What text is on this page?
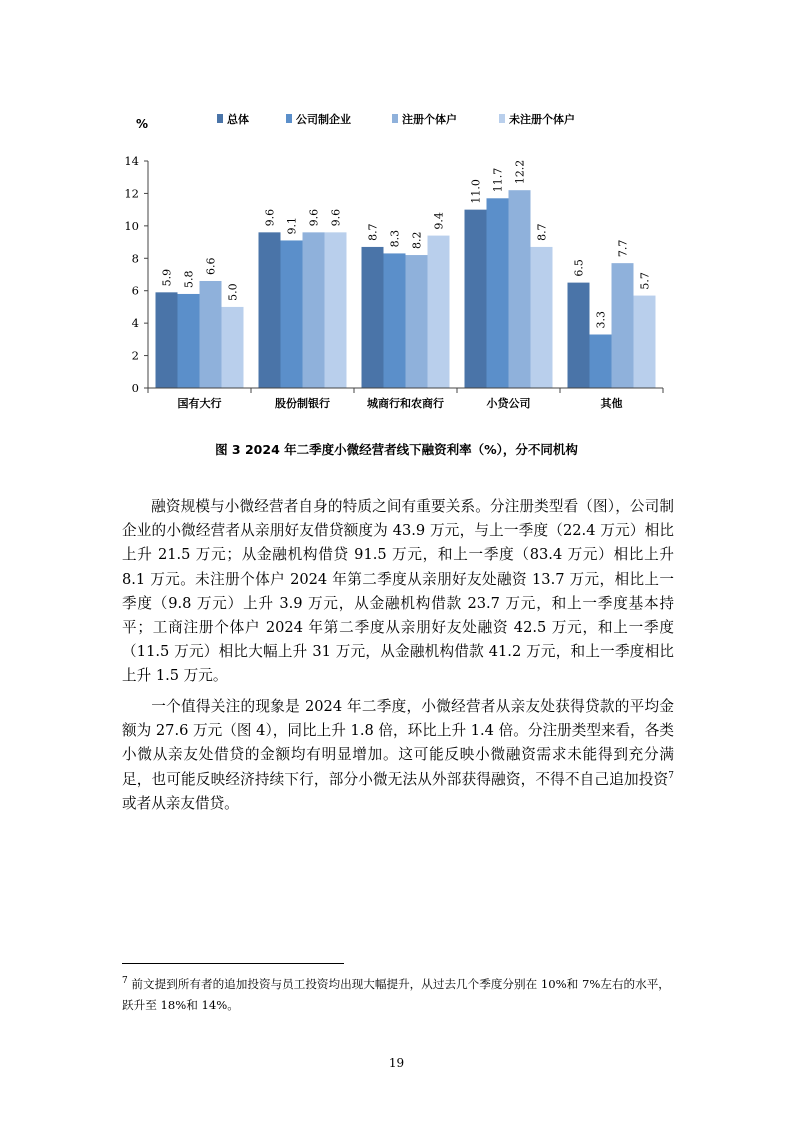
总体	公司制企业	注册个体户	未注册个体户
%
0
2
4
6
8
10
12
14
5.9
9.6
8.7
11.0
6.5
5.8
9.1
8.3
11.7
3.3
6.6
9.6
8.2
12.2
7.7
5.0
9.6	9.4
8.7
5.7
国有大行	股份制银行	城商行和农商行	小贷公司	其他
图 3 2024 年二季度小微经营者线下融资利率（%），分不同机构

融资规模与小微经营者自身的特质之间有重要关系。分注册类型看（图），公司制企业的小微经营者从亲朋好友借贷额度为 43.9 万元，与上一季度（22.4 万元）相比上升 21.5 万元；从金融机构借贷 91.5 万元，和上一季度（83.4 万元）相比上升 8.1 万元。未注册个体户 2024 年第二季度从亲朋好友处融资 13.7 万元，相比上一季度（9.8 万元）上升 3.9 万元，从金融机构借款 23.7 万元，和上一季度基本持平；工商注册个体户 2024 年第二季度从亲朋好友处融资 42.5 万元，和上一季度（11.5 万元）相比大幅上升 31 万元，从金融机构借款 41.2 万元，和上一季度相比上升 1.5 万元。

一个值得关注的现象是 2024 年二季度，小微经营者从亲友处获得贷款的平均金额为 27.6 万元（图 4），同比上升 1.8 倍，环比上升 1.4 倍。分注册类型来看，各类小微从亲友处借贷的金额均有明显增加。这可能反映小微融资需求未能得到充分满足，也可能反映经济持续下行，部分小微无法从外部获得融资，不得不自己追加投资$^7$或者从亲友借贷。

$^7$ 前文提到所有者的追加投资与员工投资均出现大幅提升，从过去几个季度分别在 10%和 7%左右的水平，跃升至 18%和 14%。

19
